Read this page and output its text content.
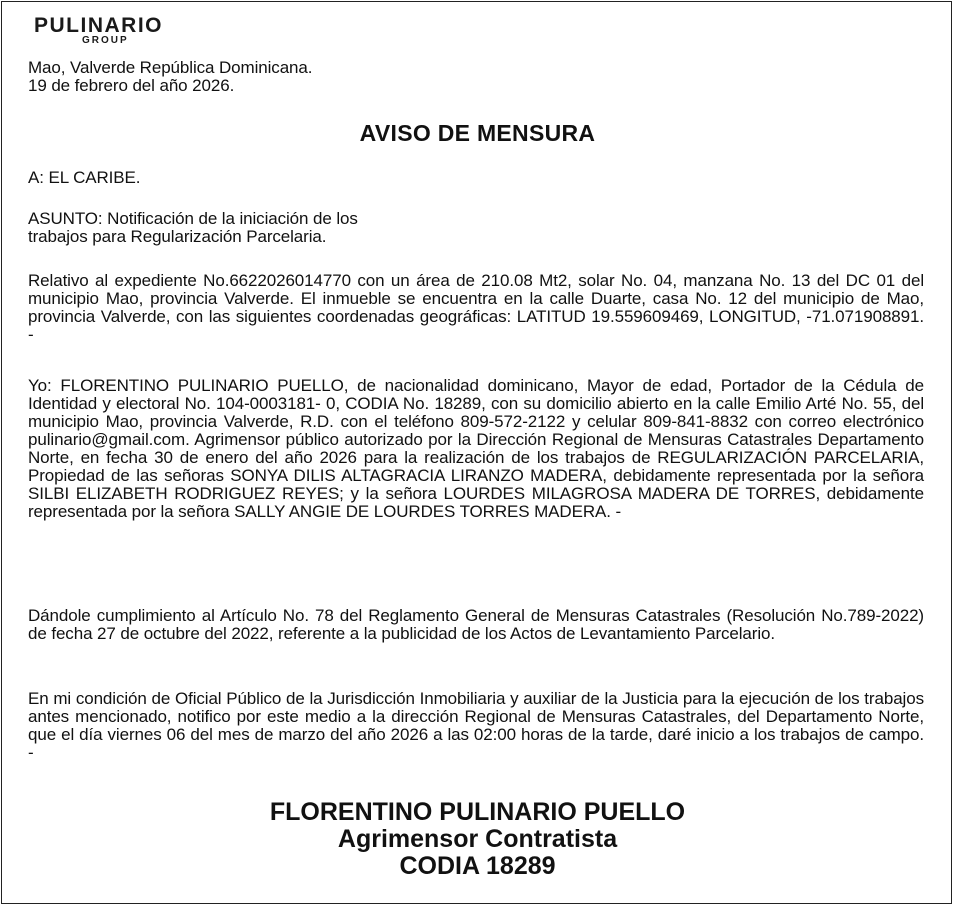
PULINARIO
GROUP

Mao, Valverde República Dominicana.

19 de febrero del año 2026.

AVISO DE MENSURA

A: EL CARIBE.

ASUNTO: Notificación de la iniciación de los

trabajos para Regularización Parcelaria.

Relativo al expediente No.6622026014770 con un área de 210.08 Mt2, solar No. 04, manzana No. 13 del DC 01 del municipio Mao, provincia Valverde. El inmueble se encuentra en la calle Duarte, casa No. 12 del municipio de Mao, provincia Valverde, con las siguientes coordenadas geográficas: LATITUD 19.559609469, LONGITUD, -71.071908891. -

Yo: FLORENTINO PULINARIO PUELLO, de nacionalidad dominicano, Mayor de edad, Portador de la Cédula de Identidad y electoral No. 104-0003181- 0, CODIA No. 18289, con su domicilio abierto en la calle Emilio Arté No. 55, del municipio Mao, provincia Valverde, R.D. con el teléfono 809-572-2122 y celular 809-841-8832 con correo electrónico pulinario@gmail.com. Agrimensor público autorizado por la Dirección Regional de Mensuras Catastrales Departamento Norte, en fecha 30 de enero del año 2026 para la realización de los trabajos de REGULARIZACIÓN PARCELARIA, Propiedad de las señoras SONYA DILIS ALTAGRACIA LIRANZO MADERA, debidamente representada por la señora SILBI ELIZABETH RODRIGUEZ REYES; y la señora LOURDES MILAGROSA MADERA DE TORRES, debidamente representada por la señora SALLY ANGIE DE LOURDES TORRES MADERA. -

Dándole cumplimiento al Artículo No. 78 del Reglamento General de Mensuras Catastrales (Resolución No.789-2022) de fecha 27 de octubre del 2022, referente a la publicidad de los Actos de Levantamiento Parcelario.

En mi condición de Oficial Público de la Jurisdicción Inmobiliaria y auxiliar de la Justicia para la ejecución de los trabajos antes mencionado, notifico por este medio a la dirección Regional de Mensuras Catastrales, del Departamento Norte, que el día viernes 06 del mes de marzo del año 2026 a las 02:00 horas de la tarde, daré inicio a los trabajos de campo. -

FLORENTINO PULINARIO PUELLO
Agrimensor Contratista
CODIA 18289
